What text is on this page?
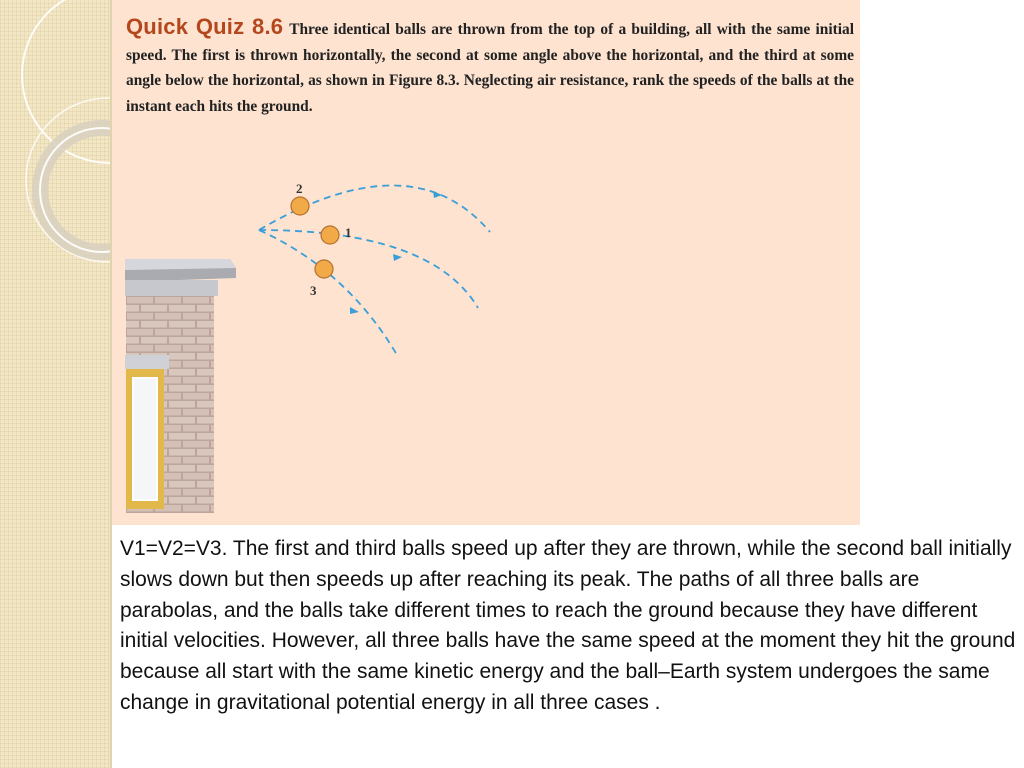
Quick Quiz 8.6 Three identical balls are thrown from the top of a building, all with the same initial speed. The first is thrown horizontally, the second at some angle above the horizontal, and the third at some angle below the horizontal, as shown in Figure 8.3. Neglecting air resistance, rank the speeds of the balls at the instant each hits the ground.
2
1
3
V1=V2=V3. The first and third balls speed up after they are thrown, while the second ball initially slows down but then speeds up after reaching its peak. The paths of all three balls are parabolas, and the balls take different times to reach the ground because they have different initial velocities. However, all three balls have the same speed at the moment they hit the ground because all start with the same kinetic energy and the ball–Earth system undergoes the same change in gravitational potential energy in all three cases .
